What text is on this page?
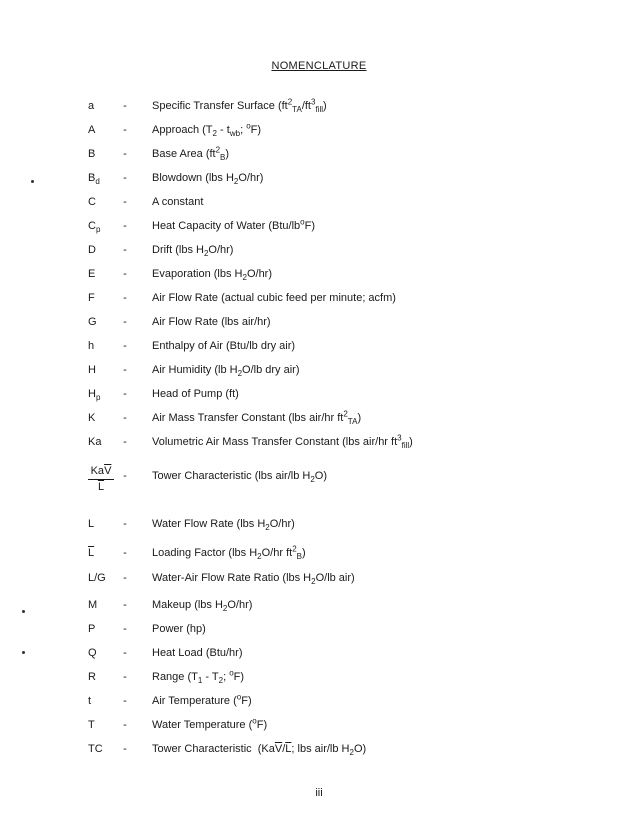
NOMENCLATURE
a	- Specific Transfer Surface $(ft^2_{TA}/ft^3_{fill})$
A	- Approach ($T_2 - t_{wb}$; $^o$F)
B	- Base Area $(ft^2_B)$
$B_d$	- Blowdown (lbs $H_2O/hr$)
C	- A constant
$C_p$	- Heat Capacity of Water $(Btu/lb^oF)$
D	- Drift (lbs $H_2O/hr$)
E	- Evaporation (lbs $H_2O/hr$)
F	- Air Flow Rate (actual cubic feed per minute; acfm)
G	- Air Flow Rate (lbs air/hr)
h	- Enthalpy of Air (Btu/lb dry air)
H	- Air Humidity (lb $H_2O/lb$ dry air)
$H_p$	- Head of Pump (ft)
K	- Air Mass Transfer Constant (lbs air/hr $ft^2_{TA}$)
Ka	- Volumetric Air Mass Transfer Constant (lbs air/hr $ft^3_{fill}$)
$Ka\overline{V}$
$\overline{L}$
- Tower Characteristic (lbs air/lb $H_2O$)
L	- Water Flow Rate (lbs $H_2O/hr$)
$\overline{L}$	- Loading Factor (lbs $H_2O/hr$ $ft^2_B$)
L/G	- Water-Air Flow Rate Ratio (lbs $H_2O/lb$ air)
M	- Makeup (lbs $H_2O/hr$)
P	- Power (hp)
Q	- Heat Load (Btu/hr)
R	- Range ($T_1 - T_2$; $^o$F)
t	- Air Temperature ($^o$F)
T	- Water Temperature ($^o$F)
TC	- Tower Characteristic  ($Ka\overline{V}/\overline{L}$; lbs air/lb $H_2O$)
iii
